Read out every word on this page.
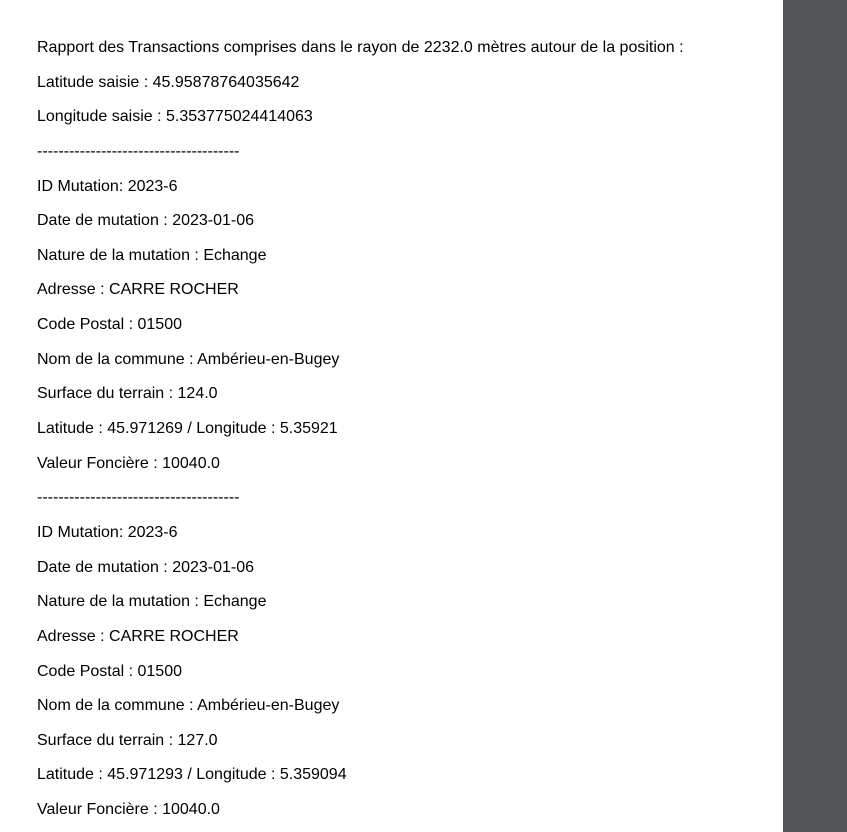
Rapport des Transactions comprises dans le rayon de 2232.0 mètres autour de la position :
Latitude saisie : 45.95878764035642
Longitude saisie : 5.353775024414063
--------------------------------------
ID Mutation: 2023-6
Date de mutation : 2023-01-06
Nature de la mutation : Echange
Adresse : CARRE ROCHER
Code Postal : 01500
Nom de la commune : Ambérieu-en-Bugey
Surface du terrain : 124.0
Latitude : 45.971269 / Longitude : 5.35921
Valeur Foncière : 10040.0
--------------------------------------
ID Mutation: 2023-6
Date de mutation : 2023-01-06
Nature de la mutation : Echange
Adresse : CARRE ROCHER
Code Postal : 01500
Nom de la commune : Ambérieu-en-Bugey
Surface du terrain : 127.0
Latitude : 45.971293 / Longitude : 5.359094
Valeur Foncière : 10040.0
